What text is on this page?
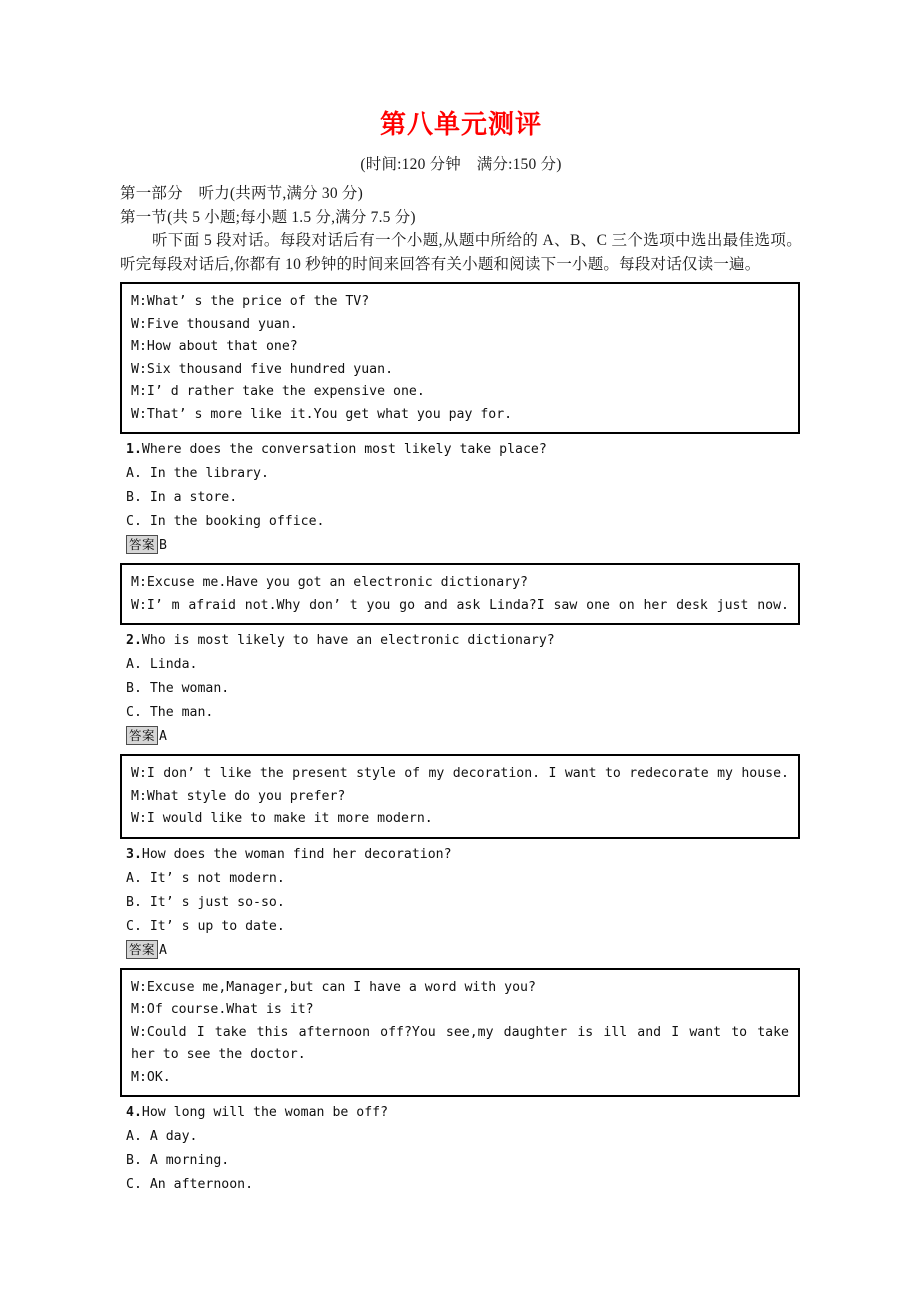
第八单元测评

(时间:120 分钟　满分:150 分)

第一部分　听力(共两节,满分 30 分)

第一节(共 5 小题;每小题 1.5 分,满分 7.5 分)

听下面 5 段对话。每段对话后有一个小题,从题中所给的 A、B、C 三个选项中选出最佳选项。听完每段对话后,你都有 10 秒钟的时间来回答有关小题和阅读下一小题。每段对话仅读一遍。

M:What’ s the price of the TV?

W:Five thousand yuan.

M:How about that one?

W:Six thousand five hundred yuan.

M:I’ d rather take the expensive one.

W:That’ s more like it.You get what you pay for.

1.Where does the conversation most likely take place?

A. In the library.

B. In a store.

C. In the booking office.

答案 B

M:Excuse me.Have you got an electronic dictionary?

W:I’ m afraid not.Why don’ t you go and ask Linda?I saw one on her desk just now.

2.Who is most likely to have an electronic dictionary?

A. Linda.

B. The woman.

C. The man.

答案 A

W:I don’ t like the present style of my decoration. I want to redecorate my house.

M:What style do you prefer?

W:I would like to make it more modern.

3.How does the woman find her decoration?

A. It’ s not modern.

B. It’ s just so-so.

C. It’ s up to date.

答案 A

W:Excuse me,Manager,but can I have a word with you?

M:Of course.What is it?

W:Could I take this afternoon off?You see,my daughter is ill and I want to take her to see the doctor.

M:OK.

4.How long will the woman be off?

A. A day.

B. A morning.

C. An afternoon.
